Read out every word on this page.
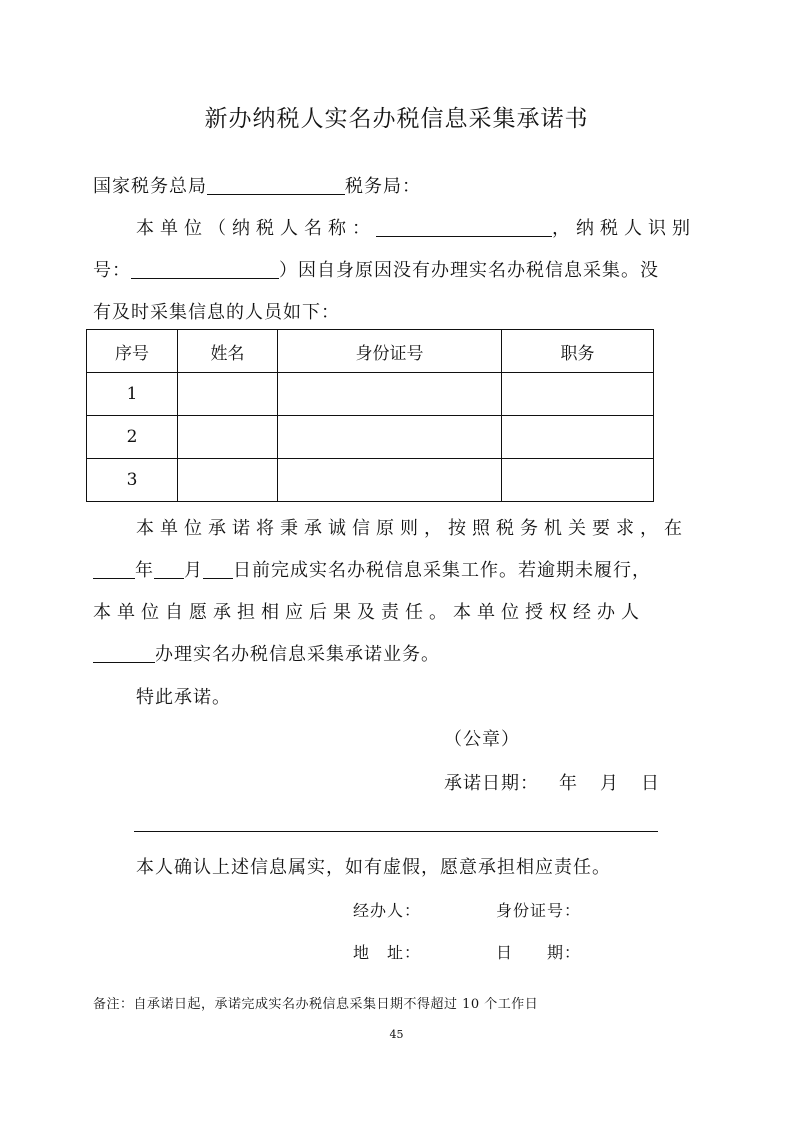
新办纳税人实名办税信息采集承诺书
国家税务总局	税务局：
本单位（纳税人名称：	，纳税人识别
号：	）因自身原因没有办理实名办税信息采集。没
有及时采集信息的人员如下：
序号	姓名	身份证号	职务
1			
2			
3			
本单位承诺将秉承诚信原则，按照税务机关要求，在
年 月 日前完成实名办税信息采集工作。若逾期未履行，
本单位自愿承担相应后果及责任。本单位授权经办人
办理实名办税信息采集承诺业务。
特此承诺。
（公章）
承诺日期： 年 月 日
本人确认上述信息属实，如有虚假，愿意承担相应责任。
经办人：	身份证号：
地　址：	日　　期：
备注：自承诺日起，承诺完成实名办税信息采集日期不得超过 10 个工作日
45
